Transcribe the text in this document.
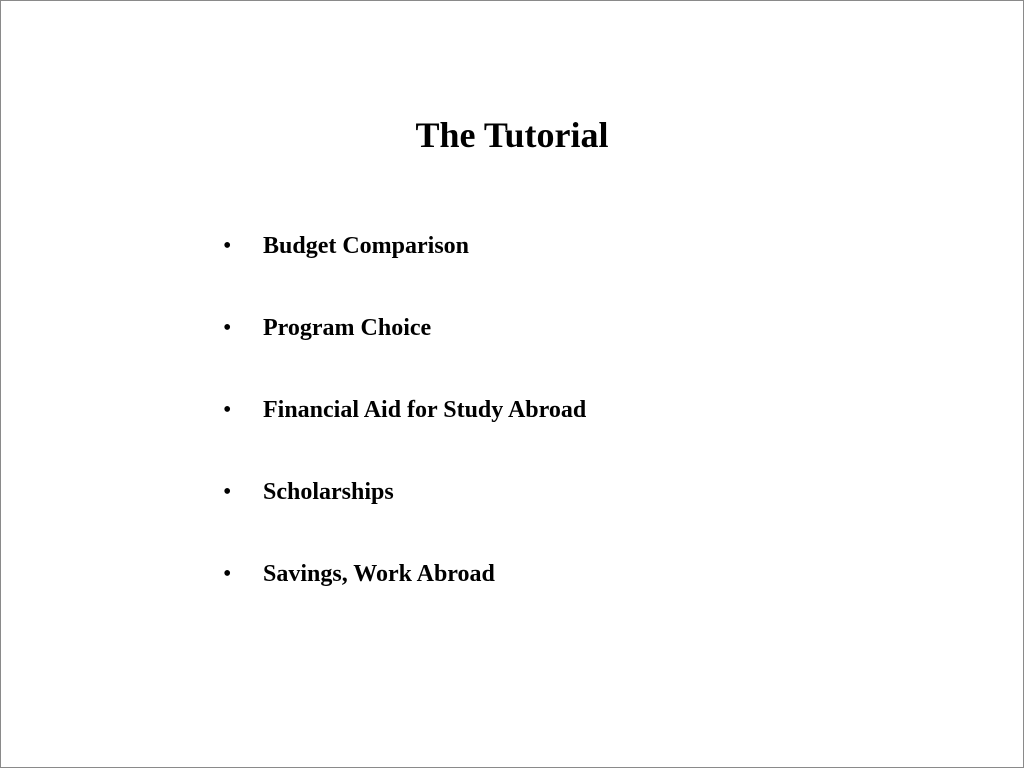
The Tutorial
•	Budget Comparison
•	Program Choice
•	Financial Aid for Study Abroad
•	Scholarships
•	Savings, Work Abroad
